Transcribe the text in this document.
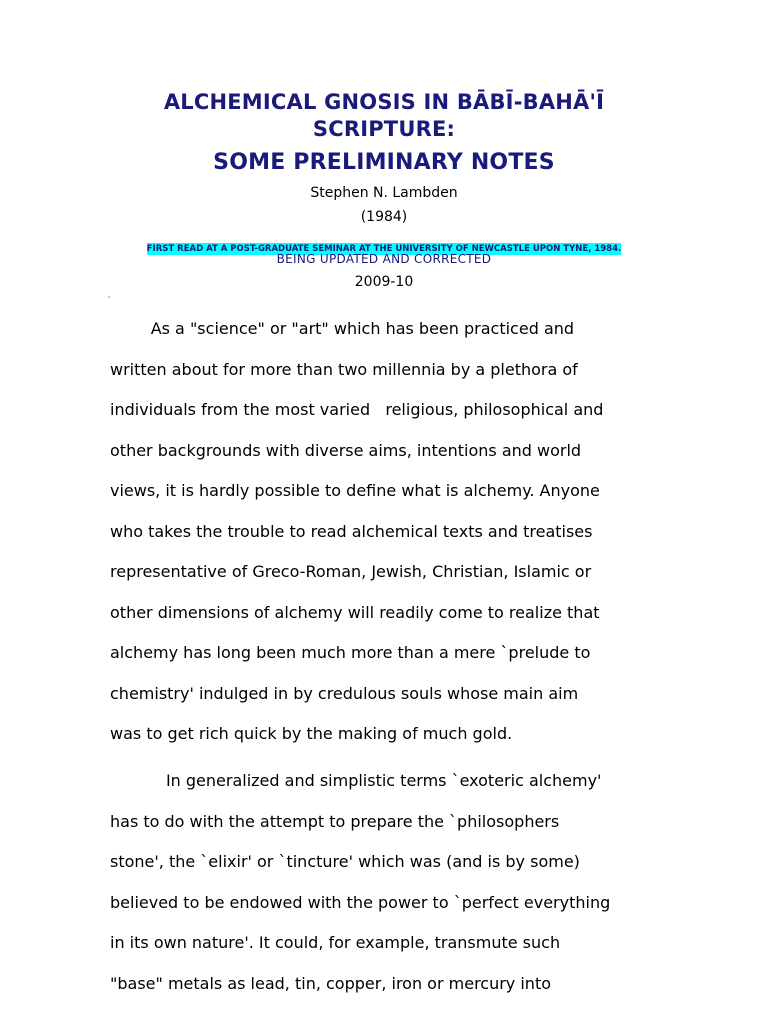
ALCHEMICAL GNOSIS IN BĀBĪ-BAHĀ'Ī
SCRIPTURE:
SOME PRELIMINARY NOTES

Stephen N. Lambden

(1984)

FIRST READ AT A POST-GRADUATE SEMINAR AT THE UNIVERSITY OF NEWCASTLE UPON TYNE, 1984.

BEING UPDATED AND CORRECTED

2009-10

As a "science" or "art" which has been practiced and
written about for more than two millennia by a plethora of
individuals from the most varied   religious, philosophical and
other backgrounds with diverse aims, intentions and world
views, it is hardly possible to define what is alchemy. Anyone
who takes the trouble to read alchemical texts and treatises
representative of Greco-Roman, Jewish, Christian, Islamic or
other dimensions of alchemy will readily come to realize that
alchemy has long been much more than a mere `prelude to
chemistry' indulged in by credulous souls whose main aim
was to get rich quick by the making of much gold.
In generalized and simplistic terms `exoteric alchemy'
has to do with the attempt to prepare the `philosophers
stone', the `elixir' or `tincture' which was (and is by some)
believed to be endowed with the power to `perfect everything
in its own nature'. It could, for example, transmute such
"base" metals as lead, tin, copper, iron or mercury into
